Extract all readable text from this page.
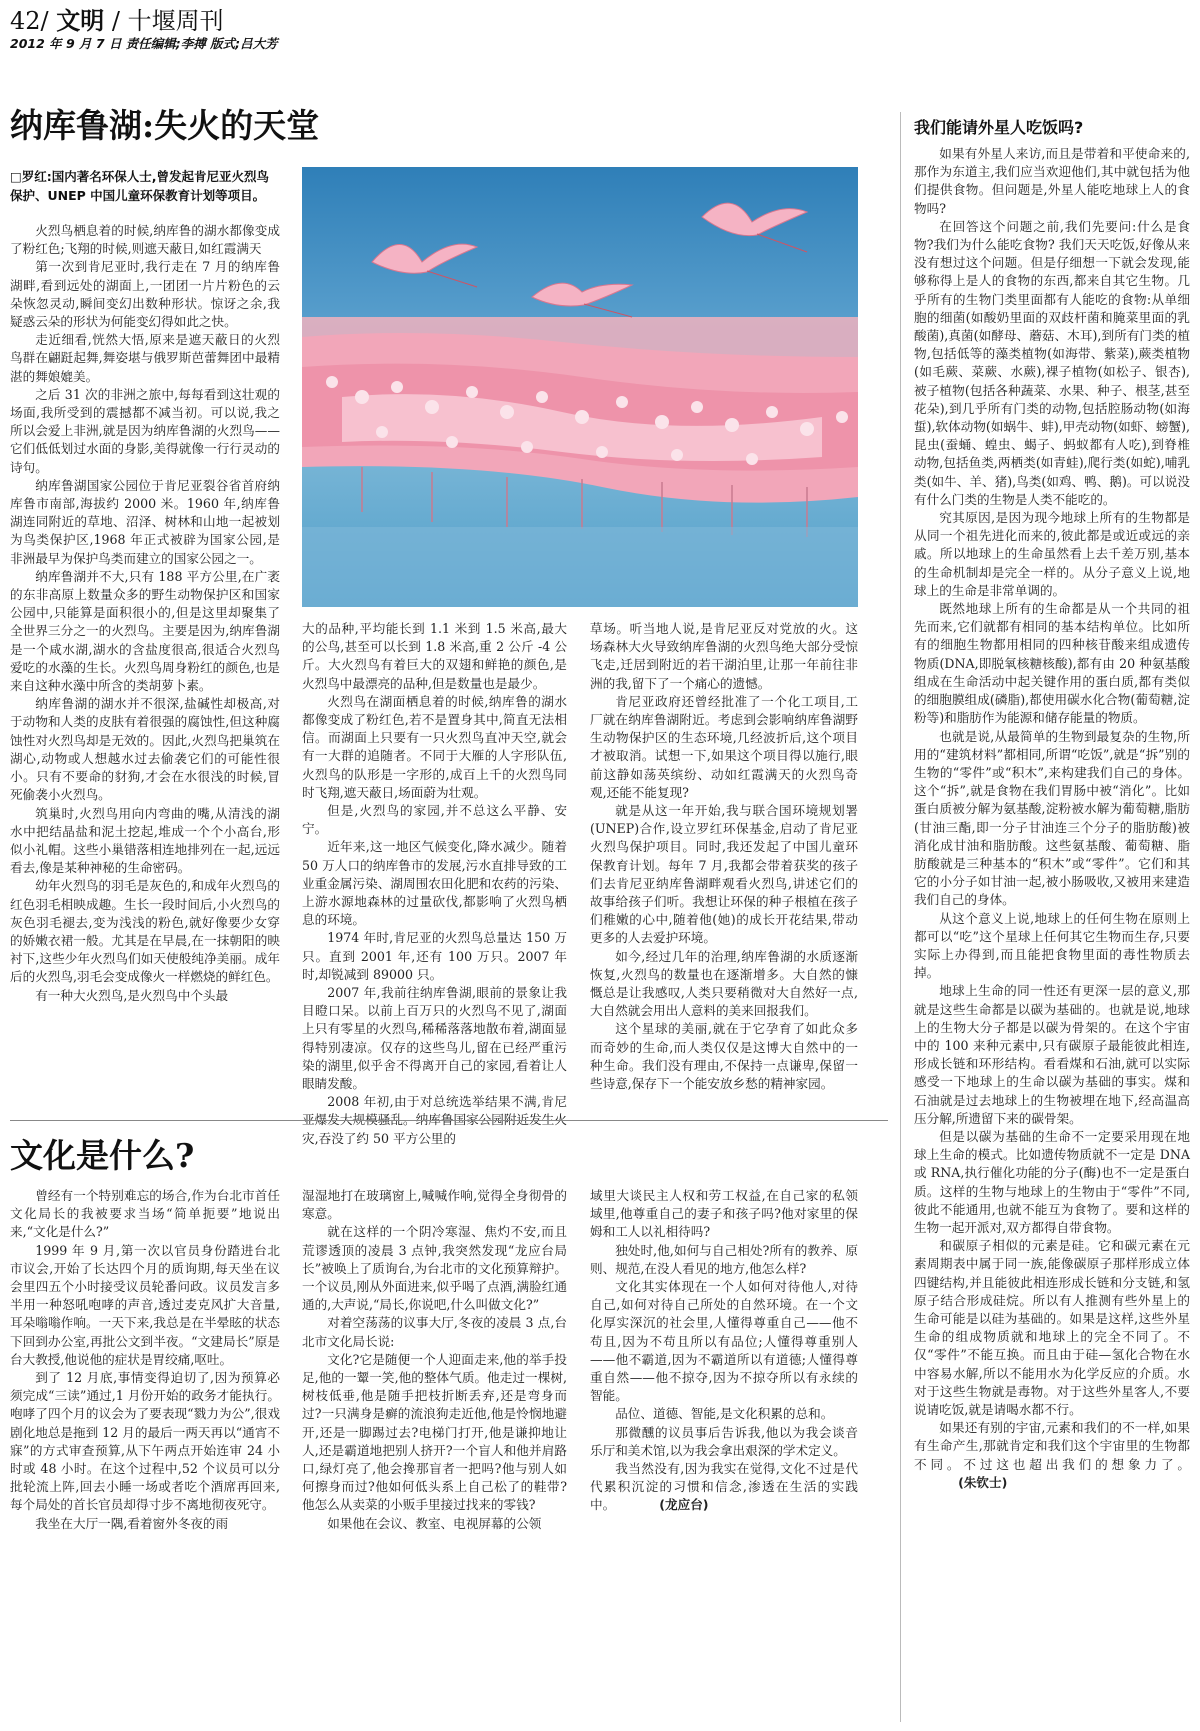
42/ 文明 / 十堰周刊
2012 年 9 月 7 日 责任编辑;李搏 版式;吕大芳
纳库鲁湖:失火的天堂	我们能请外星人吃饭吗?
□罗红:国内著名环保人士,曾发起肯尼亚火烈鸟保护、UNEP 中国儿童环保教育计划等项目。

火烈鸟栖息着的时候,纳库鲁的湖水都像变成了粉红色;飞翔的时候,则遮天蔽日,如红霞满天

第一次到肯尼亚时,我行走在 7 月的纳库鲁湖畔,看到远处的湖面上,一团团一片片粉色的云朵恢忽灵动,瞬间变幻出数种形状。惊讶之余,我疑惑云朵的形状为何能变幻得如此之快。

走近细看,恍然大悟,原来是遮天蔽日的火烈鸟群在翩跹起舞,舞姿堪与俄罗斯芭蕾舞团中最精湛的舞娘媲美。

之后 31 次的非洲之旅中,每每看到这壮观的场面,我所受到的震撼都不减当初。可以说,我之所以会爱上非洲,就是因为纳库鲁湖的火烈鸟——它们低低划过水面的身影,美得就像一行行灵动的诗句。

纳库鲁湖国家公园位于肯尼亚裂谷省首府纳库鲁市南部,海拔约 2000 米。1960 年,纳库鲁湖连同附近的草地、沼泽、树林和山地一起被划为鸟类保护区,1968 年正式被辟为国家公园,是非洲最早为保护鸟类而建立的国家公园之一。

纳库鲁湖并不大,只有 188 平方公里,在广袤的东非高原上数量众多的野生动物保护区和国家公园中,只能算是面积很小的,但是这里却聚集了全世界三分之一的火烈鸟。主要是因为,纳库鲁湖是一个咸水湖,湖水的含盐度很高,很适合火烈鸟爱吃的水藻的生长。火烈鸟周身粉红的颜色,也是来自这种水藻中所含的类胡萝卜素。

纳库鲁湖的湖水并不很深,盐碱性却极高,对于动物和人类的皮肤有着很强的腐蚀性,但这种腐蚀性对火烈鸟却是无效的。因此,火烈鸟把巢筑在湖心,动物或人想越水过去偷袭它们的可能性很小。只有不要命的豺狗,才会在水很浅的时候,冒死偷袭小火烈鸟。

筑巢时,火烈鸟用向内弯曲的嘴,从清浅的湖水中把结晶盐和泥土挖起,堆成一个个小高台,形似小礼帽。这些小巢错落相连地排列在一起,远远看去,像是某种神秘的生命密码。

幼年火烈鸟的羽毛是灰色的,和成年火烈鸟的红色羽毛相映成趣。生长一段时间后,小火烈鸟的灰色羽毛褪去,变为浅浅的粉色,就好像要少女穿的娇嫩衣裙一般。尤其是在早晨,在一抹朝阳的映衬下,这些少年火烈鸟们如天使般纯净美丽。成年后的火烈鸟,羽毛会变成像火一样燃烧的鲜红色。

有一种大火烈鸟,是火烈鸟中个头最

大的品种,平均能长到 1.1 米到 1.5 米高,最大的公鸟,甚至可以长到 1.8 米高,重 2 公斤 -4 公斤。大火烈鸟有着巨大的双翅和鲜艳的颜色,是火烈鸟中最漂亮的品种,但是数量也是最少。

火烈鸟在湖面栖息着的时候,纳库鲁的湖水都像变成了粉红色,若不是置身其中,简直无法相信。而湖面上只要有一只火烈鸟直冲天空,就会有一大群的追随者。不同于大雁的人字形队伍,火烈鸟的队形是一字形的,成百上千的火烈鸟同时飞翔,遮天蔽日,场面蔚为壮观。

但是,火烈鸟的家园,并不总这么平静、安宁。

近年来,这一地区气候变化,降水减少。随着 50 万人口的纳库鲁市的发展,污水直排导致的工业重金属污染、湖周围农田化肥和农药的污染、上游水源地森林的过量砍伐,都影响了火烈鸟栖息的环境。

1974 年时,肯尼亚的火烈鸟总量达 150 万只。直到 2001 年,还有 100 万只。2007 年时,却锐减到 89000 只。

2007 年,我前往纳库鲁湖,眼前的景象让我目瞪口呆。以前上百万只的火烈鸟不见了,湖面上只有零星的火烈鸟,稀稀落落地散布着,湖面显得特别凄凉。仅存的这些鸟儿,留在已经严重污染的湖里,似乎舍不得离开自己的家园,看着让人眼睛发酸。

2008 年初,由于对总统选举结果不满,肯尼亚爆发大规模骚乱。纳库鲁国家公园附近发生火灾,吞没了约 50 平方公里的

草场。听当地人说,是肯尼亚反对党放的火。这场森林大火导致纳库鲁湖的火烈鸟绝大部分受惊飞走,迁居到附近的若干湖泊里,让那一年前往非洲的我,留下了一个痛心的遗憾。

肯尼亚政府还曾经批准了一个化工项目,工厂就在纳库鲁湖附近。考虑到会影响纳库鲁湖野生动物保护区的生态环境,几经波折后,这个项目才被取消。试想一下,如果这个项目得以施行,眼前这静如荡英缤纷、动如红霞满天的火烈鸟奇观,还能不能复现?

就是从这一年开始,我与联合国环境规划署(UNEP)合作,设立罗红环保基金,启动了肯尼亚火烈鸟保护项目。同时,我还发起了中国儿童环保教育计划。每年 7 月,我都会带着获奖的孩子们去肯尼亚纳库鲁湖畔观看火烈鸟,讲述它们的故事给孩子们听。我想让环保的种子根植在孩子们稚嫩的心中,随着他(她)的成长开花结果,带动更多的人去爱护环境。

如今,经过几年的治理,纳库鲁湖的水质逐渐恢复,火烈鸟的数量也在逐渐增多。大自然的慷慨总是让我感叹,人类只要稍微对大自然好一点,大自然就会用出人意料的美来回报我们。

这个星球的美丽,就在于它孕育了如此众多而奇妙的生命,而人类仅仅是这博大自然中的一种生命。我们没有理由,不保持一点谦卑,保留一些诗意,保存下一个能安放乡愁的精神家园。

文化是什么?

曾经有一个特别难忘的场合,作为台北市首任文化局长的我被要求当场“简单扼要”地说出来,“文化是什么?”

1999 年 9 月,第一次以官员身份踏进台北市议会,开始了长达四个月的质询期,每天坐在议会里四五个小时接受议员轮番问政。议员发言多半用一种怒吼咆哮的声音,透过麦克风扩大音量,耳朵嗡嗡作响。一天下来,我总是在半晕眩的状态下回到办公室,再批公文到半夜。“文建局长”原是台大教授,他说他的症状是胃绞痛,呕吐。

到了 12 月底,事情变得迫切了,因为预算必须完成“三读”通过,1 月份开始的政务才能执行。咆哮了四个月的议会为了要表现“戮力为公”,很戏剧化地总是拖到 12 月的最后一两天再以“通宵不寐”的方式审查预算,从下午两点开始连审 24 小时或 48 小时。在这个过程中,52 个议员可以分批轮流上阵,回去小睡一场或者吃个酒席再回来,每个局处的首长官员却得寸步不离地彻夜死守。

我坐在大厅一隅,看着窗外冬夜的雨

湿湿地打在玻璃窗上,喊喊作响,觉得全身彻骨的寒意。

就在这样的一个阴冷寒湿、焦灼不安,而且荒谬透顶的凌晨 3 点钟,我突然发现“龙应台局长”被唤上了质询台,为台北市的文化预算辩护。一个议员,刚从外面进来,似乎喝了点酒,满脸红通通的,大声说,“局长,你说吧,什么叫做文化?”

对着空荡荡的议事大厅,冬夜的凌晨 3 点,台北市文化局长说:

文化?它是随便一个人迎面走来,他的举手投足,他的一颦一笑,他的整体气质。他走过一棵树,树枝低垂,他是随手把枝折断丢弃,还是弯身而过?一只满身是癣的流浪狗走近他,他是怜悯地避开,还是一脚踢过去?电梯门打开,他是谦抑地让人,还是霸道地把别人挤开?一个盲人和他并肩路口,绿灯亮了,他会搀那盲者一把吗?他与别人如何擦身而过?他如何低头系上自己松了的鞋带?他怎么从卖菜的小贩手里接过找来的零钱?

如果他在会议、教室、电视屏幕的公领

域里大谈民主人权和劳工权益,在自己家的私领域里,他尊重自己的妻子和孩子吗?他对家里的保姆和工人以礼相待吗?

独处时,他,如何与自己相处?所有的教养、原则、规范,在没人看见的地方,他怎么样?

文化其实体现在一个人如何对待他人,对待自己,如何对待自己所处的自然环境。在一个文化厚实深沉的社会里,人懂得尊重自己——他不苟且,因为不苟且所以有品位;人懂得尊重别人——他不霸道,因为不霸道所以有道德;人懂得尊重自然——他不掠夺,因为不掠夺所以有永续的智能。

品位、道德、智能,是文化积累的总和。

那微醺的议员事后告诉我,他以为我会谈音乐厅和美术馆,以为我会拿出艰深的学术定义。

我当然没有,因为我实在觉得,文化不过是代代累积沉淀的习惯和信念,渗透在生活的实践中。	(龙应台)

如果有外星人来访,而且是带着和平使命来的,那作为东道主,我们应当欢迎他们,其中就包括为他们提供食物。但问题是,外星人能吃地球上人的食物吗?

在回答这个问题之前,我们先要问:什么是食物?我们为什么能吃食物? 我们天天吃饭,好像从来没有想过这个问题。但是仔细想一下就会发现,能够称得上是人的食物的东西,都来自其它生物。几乎所有的生物门类里面都有人能吃的食物:从单细胞的细菌(如酸奶里面的双歧杆菌和腌菜里面的乳酸菌),真菌(如酵母、蘑菇、木耳),到所有门类的植物,包括低等的藻类植物(如海带、紫菜),蕨类植物(如毛蕨、菜蕨、水蕨),裸子植物(如松子、银杏),被子植物(包括各种蔬菜、水果、种子、根茎,甚至花朵),到几乎所有门类的动物,包括腔肠动物(如海蜇),软体动物(如蜗牛、蚌),甲壳动物(如虾、螃蟹),昆虫(蚕蛹、蝗虫、蝎子、蚂蚁都有人吃),到脊椎动物,包括鱼类,两栖类(如青蛙),爬行类(如蛇),哺乳类(如牛、羊、猪),鸟类(如鸡、鸭、鹅)。可以说没有什么门类的生物是人类不能吃的。

究其原因,是因为现今地球上所有的生物都是从同一个祖先进化而来的,彼此都是或近或远的亲戚。所以地球上的生命虽然看上去千差万别,基本的生命机制却是完全一样的。从分子意义上说,地球上的生命是非常单调的。

既然地球上所有的生命都是从一个共同的祖先而来,它们就都有相同的基本结构单位。比如所有的细胞生物都用相同的四种核苷酸来组成遗传物质(DNA,即脱氧核糖核酸),都有由 20 种氨基酸组成在生命活动中起关键作用的蛋白质,都有类似的细胞膜组成(磷脂),都使用碳水化合物(葡萄糖,淀粉等)和脂肪作为能源和储存能量的物质。

也就是说,从最简单的生物到最复杂的生物,所用的“建筑材料”都相同,所谓“吃饭”,就是“拆”别的生物的“零件”或“积木”,来构建我们自己的身体。这个“拆”,就是食物在我们胃肠中被“消化”。比如蛋白质被分解为氨基酸,淀粉被水解为葡萄糖,脂肪(甘油三酯,即一分子甘油连三个分子的脂肪酸)被消化成甘油和脂肪酸。这些氨基酸、葡萄糖、脂肪酸就是三种基本的“积木”或“零件”。它们和其它的小分子如甘油一起,被小肠吸收,又被用来建造我们自己的身体。

从这个意义上说,地球上的任何生物在原则上都可以“吃”这个星球上任何其它生物而生存,只要实际上办得到,而且能把食物里面的毒性物质去掉。

地球上生命的同一性还有更深一层的意义,那就是这些生命都是以碳为基础的。也就是说,地球上的生物大分子都是以碳为骨架的。在这个宇宙中的 100 来种元素中,只有碳原子最能彼此相连,形成长链和环形结构。看看煤和石油,就可以实际感受一下地球上的生命以碳为基础的事实。煤和石油就是过去地球上的生物被埋在地下,经高温高压分解,所遗留下来的碳骨架。

但是以碳为基础的生命不一定要采用现在地球上生命的模式。比如遗传物质就不一定是 DNA 或 RNA,执行催化功能的分子(酶)也不一定是蛋白质。这样的生物与地球上的生物由于“零件”不同,彼此不能通用,也就不能互为食物了。要和这样的生物一起开派对,双方都得自带食物。

和碳原子相似的元素是硅。它和碳元素在元素周期表中属于同一族,能像碳原子那样形成立体四键结构,并且能彼此相连形成长链和分支链,和氢原子结合形成硅烷。所以有人推测有些外星上的生命可能是以硅为基础的。如果是这样,这些外星生命的组成物质就和地球上的完全不同了。不仅“零件”不能互换。而且由于硅—氢化合物在水中容易水解,所以不能用水为化学反应的介质。水对于这些生物就是毒物。对于这些外星客人,不要说请吃饭,就是请喝水都不行。

如果还有别的宇宙,元素和我们的不一样,如果有生命产生,那就肯定和我们这个宇宙里的生物都不同。不过这也超出我们的想象力了。(朱钦士)
